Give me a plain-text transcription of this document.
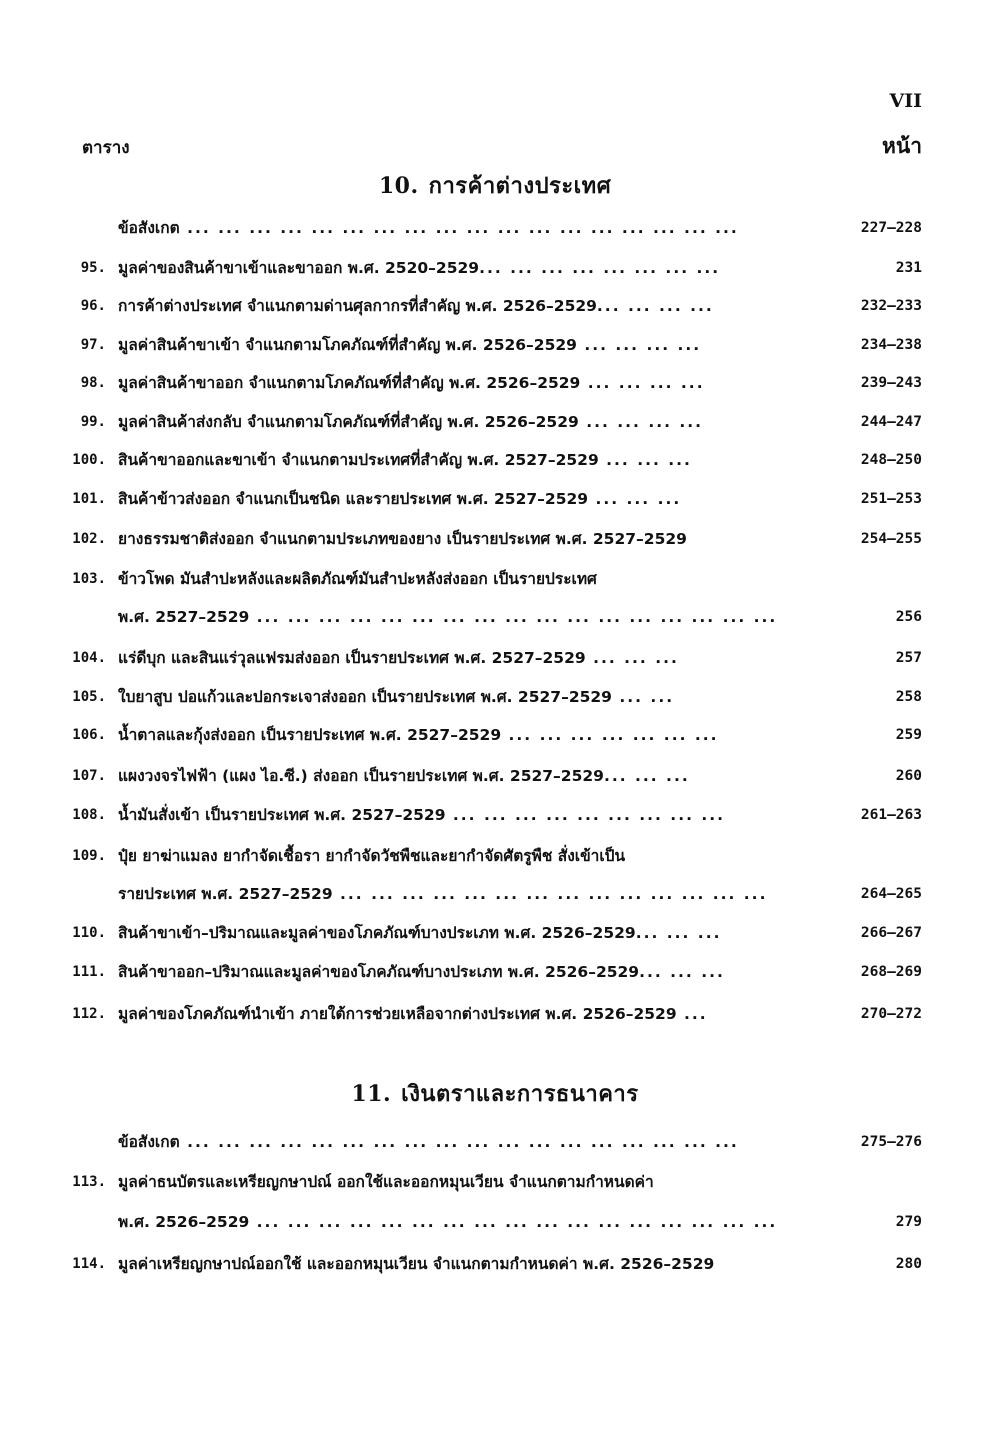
VII
ตาราง	หน้า
10. การค้าต่างประเทศ
ข้อสังเกต ... ... ... ... ... ... ... ... ... ... ... ... ... ... ... ... ... ...	227–228
95. มูลค่าของสินค้าขาเข้าและขาออก พ.ศ. 2520–2529... ... ... ... ... ... ... ...	231
96. การค้าต่างประเทศ จำแนกตามด่านศุลกากรที่สำคัญ พ.ศ. 2526–2529... ... ... ...	232–233
97. มูลค่าสินค้าขาเข้า จำแนกตามโภคภัณฑ์ที่สำคัญ พ.ศ. 2526–2529 ... ... ... ...	234–238
98. มูลค่าสินค้าขาออก จำแนกตามโภคภัณฑ์ที่สำคัญ พ.ศ. 2526–2529 ... ... ... ...	239–243
99. มูลค่าสินค้าส่งกลับ จำแนกตามโภคภัณฑ์ที่สำคัญ พ.ศ. 2526–2529 ... ... ... ...	244–247
100. สินค้าขาออกและขาเข้า จำแนกตามประเทศที่สำคัญ พ.ศ. 2527–2529 ... ... ...	248–250
101. สินค้าข้าวส่งออก จำแนกเป็นชนิด และรายประเทศ พ.ศ. 2527–2529 ... ... ...	251–253
102. ยางธรรมชาติส่งออก จำแนกตามประเภทของยาง เป็นรายประเทศ พ.ศ. 2527–2529	254–255
103. ข้าวโพด มันสำปะหลังและผลิตภัณฑ์มันสำปะหลังส่งออก เป็นรายประเทศ
พ.ศ. 2527–2529 ... ... ... ... ... ... ... ... ... ... ... ... ... ... ... ... ...	256
104. แร่ดีบุก และสินแร่วุลแฟรมส่งออก เป็นรายประเทศ พ.ศ. 2527–2529 ... ... ...	257
105. ใบยาสูบ ปอแก้วและปอกระเจาส่งออก เป็นรายประเทศ พ.ศ. 2527–2529 ... ...	258
106. น้ำตาลและกุ้งส่งออก เป็นรายประเทศ พ.ศ. 2527–2529 ... ... ... ... ... ... ...	259
107. แผงวงจรไฟฟ้า (แผง ไอ.ซี.) ส่งออก เป็นรายประเทศ พ.ศ. 2527–2529... ... ...	260
108. น้ำมันสั่งเข้า เป็นรายประเทศ พ.ศ. 2527–2529 ... ... ... ... ... ... ... ... ...	261–263
109. ปุ๋ย ยาฆ่าแมลง ยากำจัดเชื้อรา ยากำจัดวัชพืชและยากำจัดศัตรูพืช สั่งเข้าเป็น
รายประเทศ พ.ศ. 2527–2529 ... ... ... ... ... ... ... ... ... ... ... ... ... ...	264–265
110. สินค้าขาเข้า–ปริมาณและมูลค่าของโภคภัณฑ์บางประเภท พ.ศ. 2526–2529... ... ...	266–267
111. สินค้าขาออก–ปริมาณและมูลค่าของโภคภัณฑ์บางประเภท พ.ศ. 2526–2529... ... ...	268–269
112. มูลค่าของโภคภัณฑ์นำเข้า ภายใต้การช่วยเหลือจากต่างประเทศ พ.ศ. 2526–2529 ...	270–272
11. เงินตราและการธนาคาร
ข้อสังเกต ... ... ... ... ... ... ... ... ... ... ... ... ... ... ... ... ... ...	275–276
113. มูลค่าธนบัตรและเหรียญกษาปณ์ ออกใช้และออกหมุนเวียน จำแนกตามกำหนดค่า
พ.ศ. 2526–2529 ... ... ... ... ... ... ... ... ... ... ... ... ... ... ... ... ...	279
114. มูลค่าเหรียญกษาปณ์ออกใช้ และออกหมุนเวียน จำแนกตามกำหนดค่า พ.ศ. 2526–2529	280
